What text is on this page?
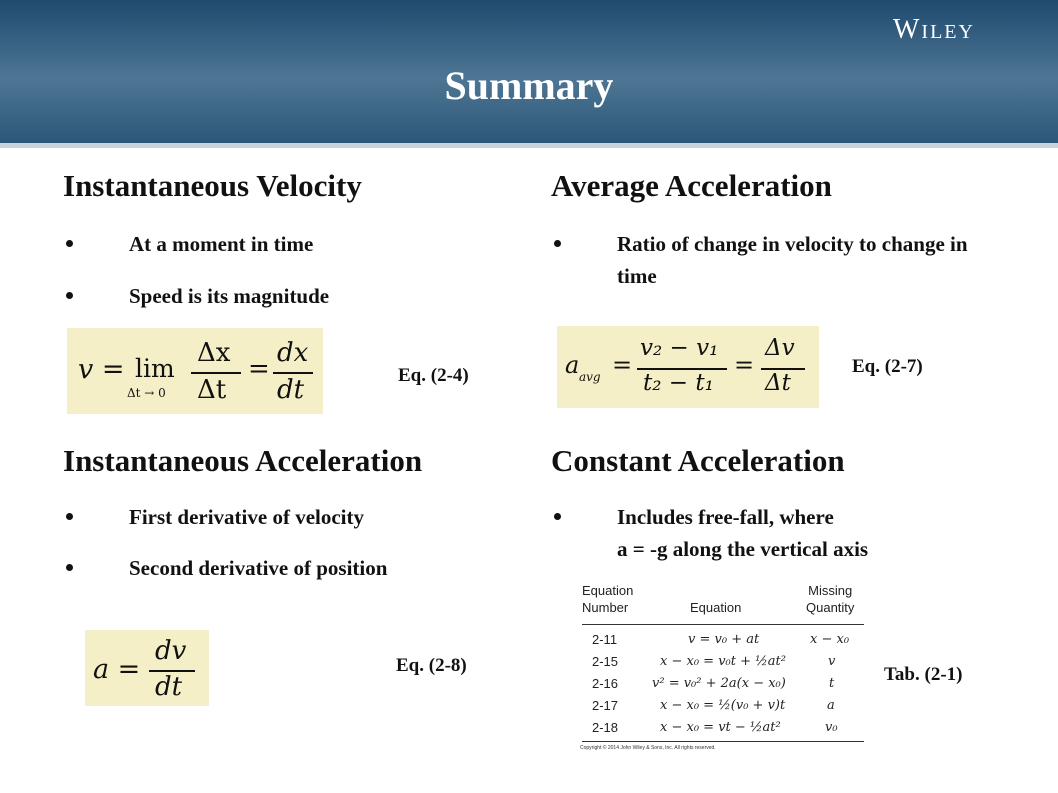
Wiley
Summary
Instantaneous Velocity
At a moment in time
Speed is its magnitude
v = lim
Δt → 0
Δx
Δt
=
dx
dt	Eq. (2-4)
Average Acceleration
Ratio of change in velocity to change in time
a avg =
v₂ − v₁
t₂ − t₁
=
Δv
Δt
Eq. (2-7)
Instantaneous Acceleration
First derivative of velocity
Second derivative of position
a =
dv
dt
Eq. (2-8)
Constant Acceleration
Includes free-fall, where
a = -g along the vertical axis
Equation
Number	Equation
Missing
Quantity
2-11	v = v₀ + at	x − x₀
2-15	x − x₀ = v₀t + ½at²	v
2-16	v² = v₀² + 2a(x − x₀)	t
2-17	x − x₀ = ½(v₀ + v)t	a
2-18	x − x₀ = vt − ½at²	v₀
Copyright © 2014 John Wiley & Sons, Inc. All rights reserved.
Tab. (2-1)
